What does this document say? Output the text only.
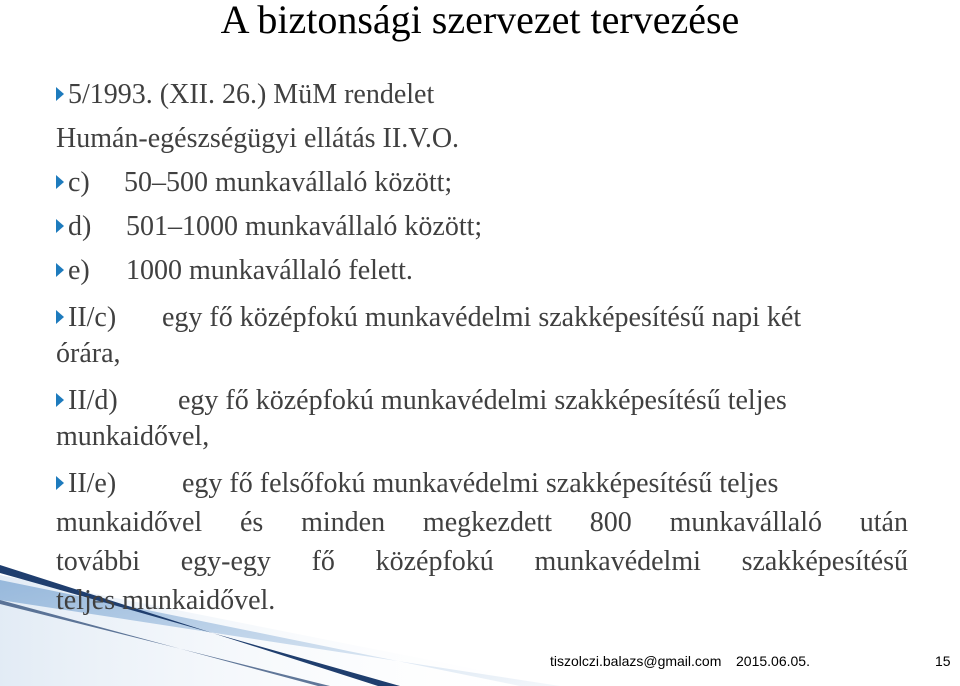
A biztonsági szervezet tervezése
5/1993. (XII. 26.) MüM rendelet
Humán-egészségügyi ellátás II.V.O.
c) 50–500 munkavállaló között;
d) 501–1000 munkavállaló között;
e) 1000 munkavállaló felett.
II/c) egy fő középfokú munkavédelmi szakképesítésű napi két
órára,
II/d) egy fő középfokú munkavédelmi szakképesítésű teljes
munkaidővel,
II/e) egy fő felsőfokú munkavédelmi szakképesítésű teljes
munkaidővel és minden megkezdett 800 munkavállaló után
további egy-egy fő középfokú munkavédelmi szakképesítésű
teljes munkaidővel.
tiszolczi.balazs@gmail.com 2015.06.05.	15
